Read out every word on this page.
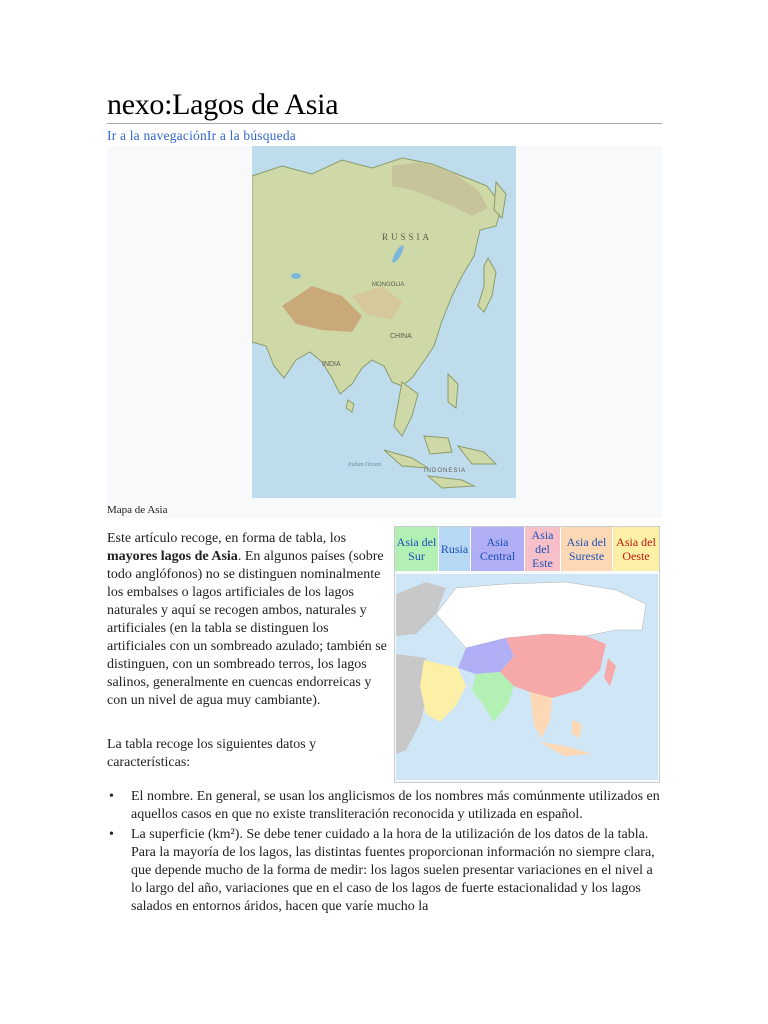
nexo:Lagos de Asia
Ir a la navegaciónIr a la búsqueda
RUSSIA
MONGOLIA
CHINA
INDIA
INDONESIA
Indian Ocean
Mapa de Asia

Este artículo recoge, en forma de tabla, los mayores lagos de Asia. En algunos países (sobre todo anglófonos) no se distinguen nominalmente los embalses o lagos artificiales de los lagos naturales y aquí se recogen ambos, naturales y artificiales (en la tabla se distinguen los artificiales con un sombreado azulado; también se distinguen, con un sombreado terros, los lagos salinos, generalmente en cuencas endorreicas y con un nivel de agua muy cambiante).

La tabla recoge los siguientes datos y características:

Asia del Sur	Rusia	Asia Central
Asia del Este
Asia del Sureste
Asia del Oeste
• El nombre. En general, se usan los anglicismos de los nombres más comúnmente utilizados en aquellos casos en que no existe transliteración reconocida y utilizada en español.
• La superficie (km²). Se debe tener cuidado a la hora de la utilización de los datos de la tabla. Para la mayoría de los lagos, las distintas fuentes proporcionan información no siempre clara, que depende mucho de la forma de medir: los lagos suelen presentar variaciones en el nivel a lo largo del año, variaciones que en el caso de los lagos de fuerte estacionalidad y los lagos salados en entornos áridos, hacen que varíe mucho la
